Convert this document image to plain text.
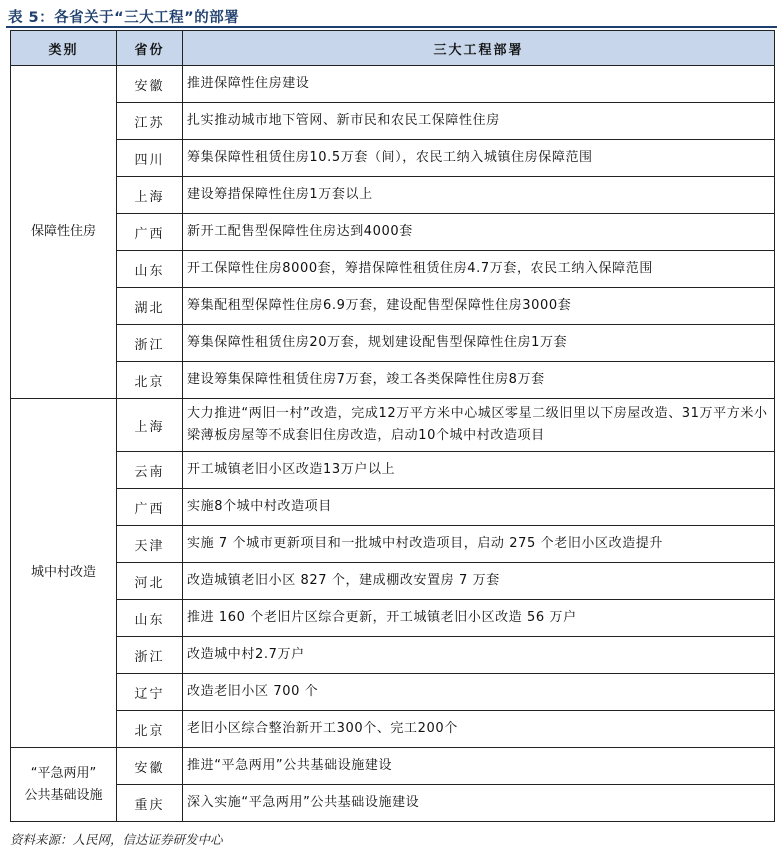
表 5：各省关于“三大工程”的部署
类别	省份	三大工程部署
保障性住房	安徽	推进保障性住房建设
	江苏	扎实推动城市地下管网、新市民和农民工保障性住房
	四川	筹集保障性租赁住房10.5万套（间），农民工纳入城镇住房保障范围
	上海	建设筹措保障性住房1万套以上
	广西	新开工配售型保障性住房达到4000套
	山东	开工保障性住房8000套，筹措保障性租赁住房4.7万套，农民工纳入保障范围
	湖北	筹集配租型保障性住房6.9万套，建设配售型保障性住房3000套
	浙江	筹集保障性租赁住房20万套，规划建设配售型保障性住房1万套
	北京	建设筹集保障性租赁住房7万套，竣工各类保障性住房8万套
城中村改造	上海	大力推进“两旧一村”改造，完成12万平方米中心城区零星二级旧里以下房屋改造、31万平方米小梁薄板房屋等不成套旧住房改造，启动10个城中村改造项目
	云南	开工城镇老旧小区改造13万户以上
	广西	实施8个城中村改造项目
	天津	实施 7 个城市更新项目和一批城中村改造项目，启动 275 个老旧小区改造提升
	河北	改造城镇老旧小区 827 个，建成棚改安置房 7 万套
	山东	推进 160 个老旧片区综合更新，开工城镇老旧小区改造 56 万户
	浙江	改造城中村2.7万户
	辽宁	改造老旧小区 700 个
	北京	老旧小区综合整治新开工300个、完工200个

“平急两用”
公共基础设施	安徽	推进“平急两用”公共基础设施建设
	重庆	深入实施“平急两用”公共基础设施建设
资料来源：人民网，信达证券研发中心
